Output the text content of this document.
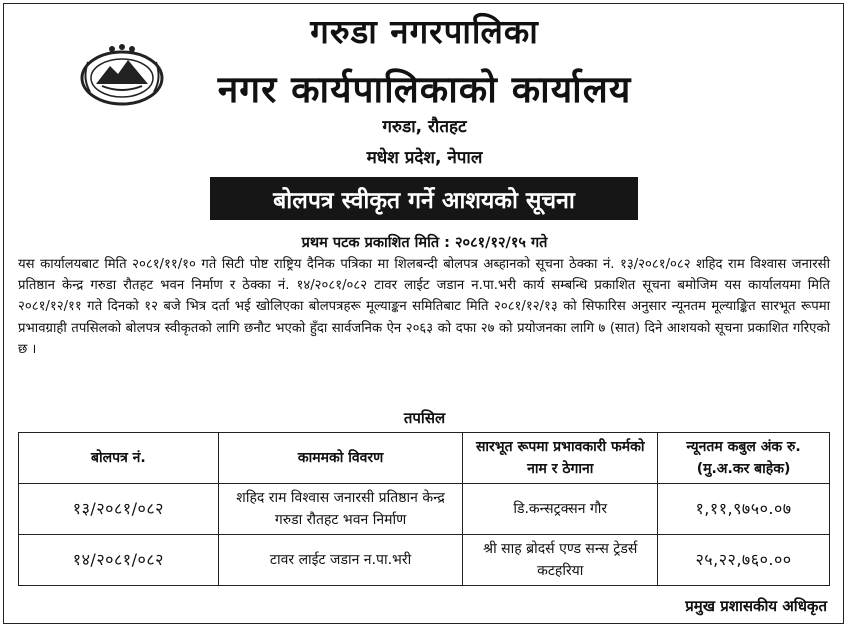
गरुडा नगरपालिका
नगर कार्यपालिकाको कार्यालय
गरुडा, रौतहट
मधेश प्रदेश, नेपाल
बोलपत्र स्वीकृत गर्ने आशयको सूचना
प्रथम पटक प्रकाशित मिति : २०८१/१२/१५ गते
यस कार्यालयबाट मिति २०८१/११/१० गते सिटी पोष्ट राष्ट्रिय दैनिक पत्रिका मा शिलबन्दी बोलपत्र अब्हानको सूचना ठेक्का नं. १३/२०८१/०८२ शहिद राम विश्वास जनारसी प्रतिष्ठान केन्द्र गरुडा रौतहट भवन निर्माण र ठेक्का नं. १४/२०८१/०८२ टावर लाईट जडान न.पा.भरी कार्य सम्बन्धि प्रकाशित सूचना बमोजिम यस कार्यालयमा मिति २०८१/१२/११ गते दिनको १२ बजे भित्र दर्ता भई खोलिएका बोलपत्रहरू मूल्याङ्कन समितिबाट मिति २०८१/१२/१३ को सिफारिस अनुसार न्यूनतम मूल्याङ्कित सारभूत रूपमा प्रभावग्राही तपसिलको बोलपत्र स्वीकृतको लागि छनौट भएको हुँदा सार्वजनिक ऐन २०६३ को दफा २७ को प्रयोजनका लागि ७ (सात) दिने आशयको सूचना प्रकाशित गरिएको छ ।
तपसिल
बोलपत्र नं.	काममको विवरण	सारभूत रूपमा प्रभावकारी फर्मको नाम र ठेगाना	न्यूनतम कबुल अंक रु. (मु.अ.कर बाहेक)
१३/२०८१/०८२	शहिद राम विश्वास जनारसी प्रतिष्ठान केन्द्र गरुडा रौतहट भवन निर्माण	डि.कन्सट्रक्सन गौर	१,११,९७५०.०७
१४/२०८१/०८२	टावर लाईट जडान न.पा.भरी	श्री साह ब्रोदर्स एण्ड सन्स ट्रेडर्स कटहरिया	२५,२२,७६०.००
प्रमुख प्रशासकीय अधिकृत
